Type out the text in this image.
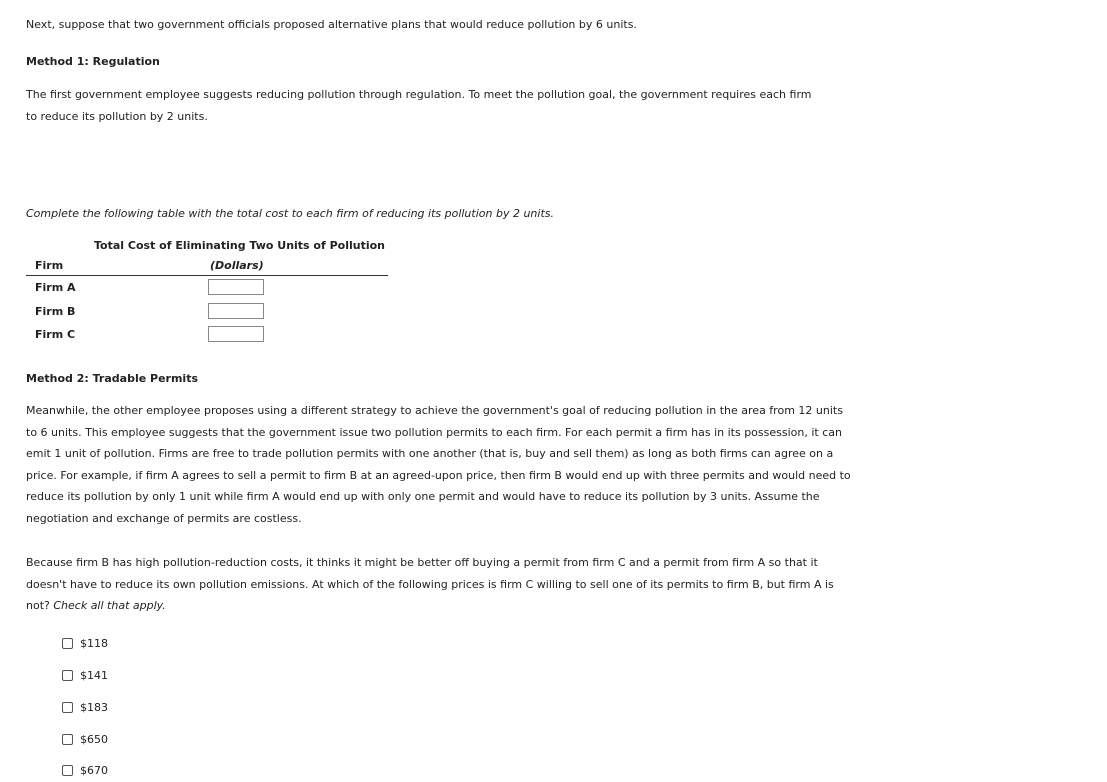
Next, suppose that two government officials proposed alternative plans that would reduce pollution by 6 units.
Method 1: Regulation
The first government employee suggests reducing pollution through regulation. To meet the pollution goal, the government requires each firm to reduce its pollution by 2 units.
Complete the following table with the total cost to each firm of reducing its pollution by 2 units.
Total Cost of Eliminating Two Units of Pollution
Firm	(Dollars)
Firm A
Firm B
Firm C
Method 2: Tradable Permits
Meanwhile, the other employee proposes using a different strategy to achieve the government's goal of reducing pollution in the area from 12 units to 6 units. This employee suggests that the government issue two pollution permits to each firm. For each permit a firm has in its possession, it can emit 1 unit of pollution. Firms are free to trade pollution permits with one another (that is, buy and sell them) as long as both firms can agree on a price. For example, if firm A agrees to sell a permit to firm B at an agreed-upon price, then firm B would end up with three permits and would need to reduce its pollution by only 1 unit while firm A would end up with only one permit and would have to reduce its pollution by 3 units. Assume the negotiation and exchange of permits are costless.
Because firm B has high pollution-reduction costs, it thinks it might be better off buying a permit from firm C and a permit from firm A so that it doesn't have to reduce its own pollution emissions. At which of the following prices is firm C willing to sell one of its permits to firm B, but firm A is not? Check all that apply.
$118
$141
$183
$650
$670
